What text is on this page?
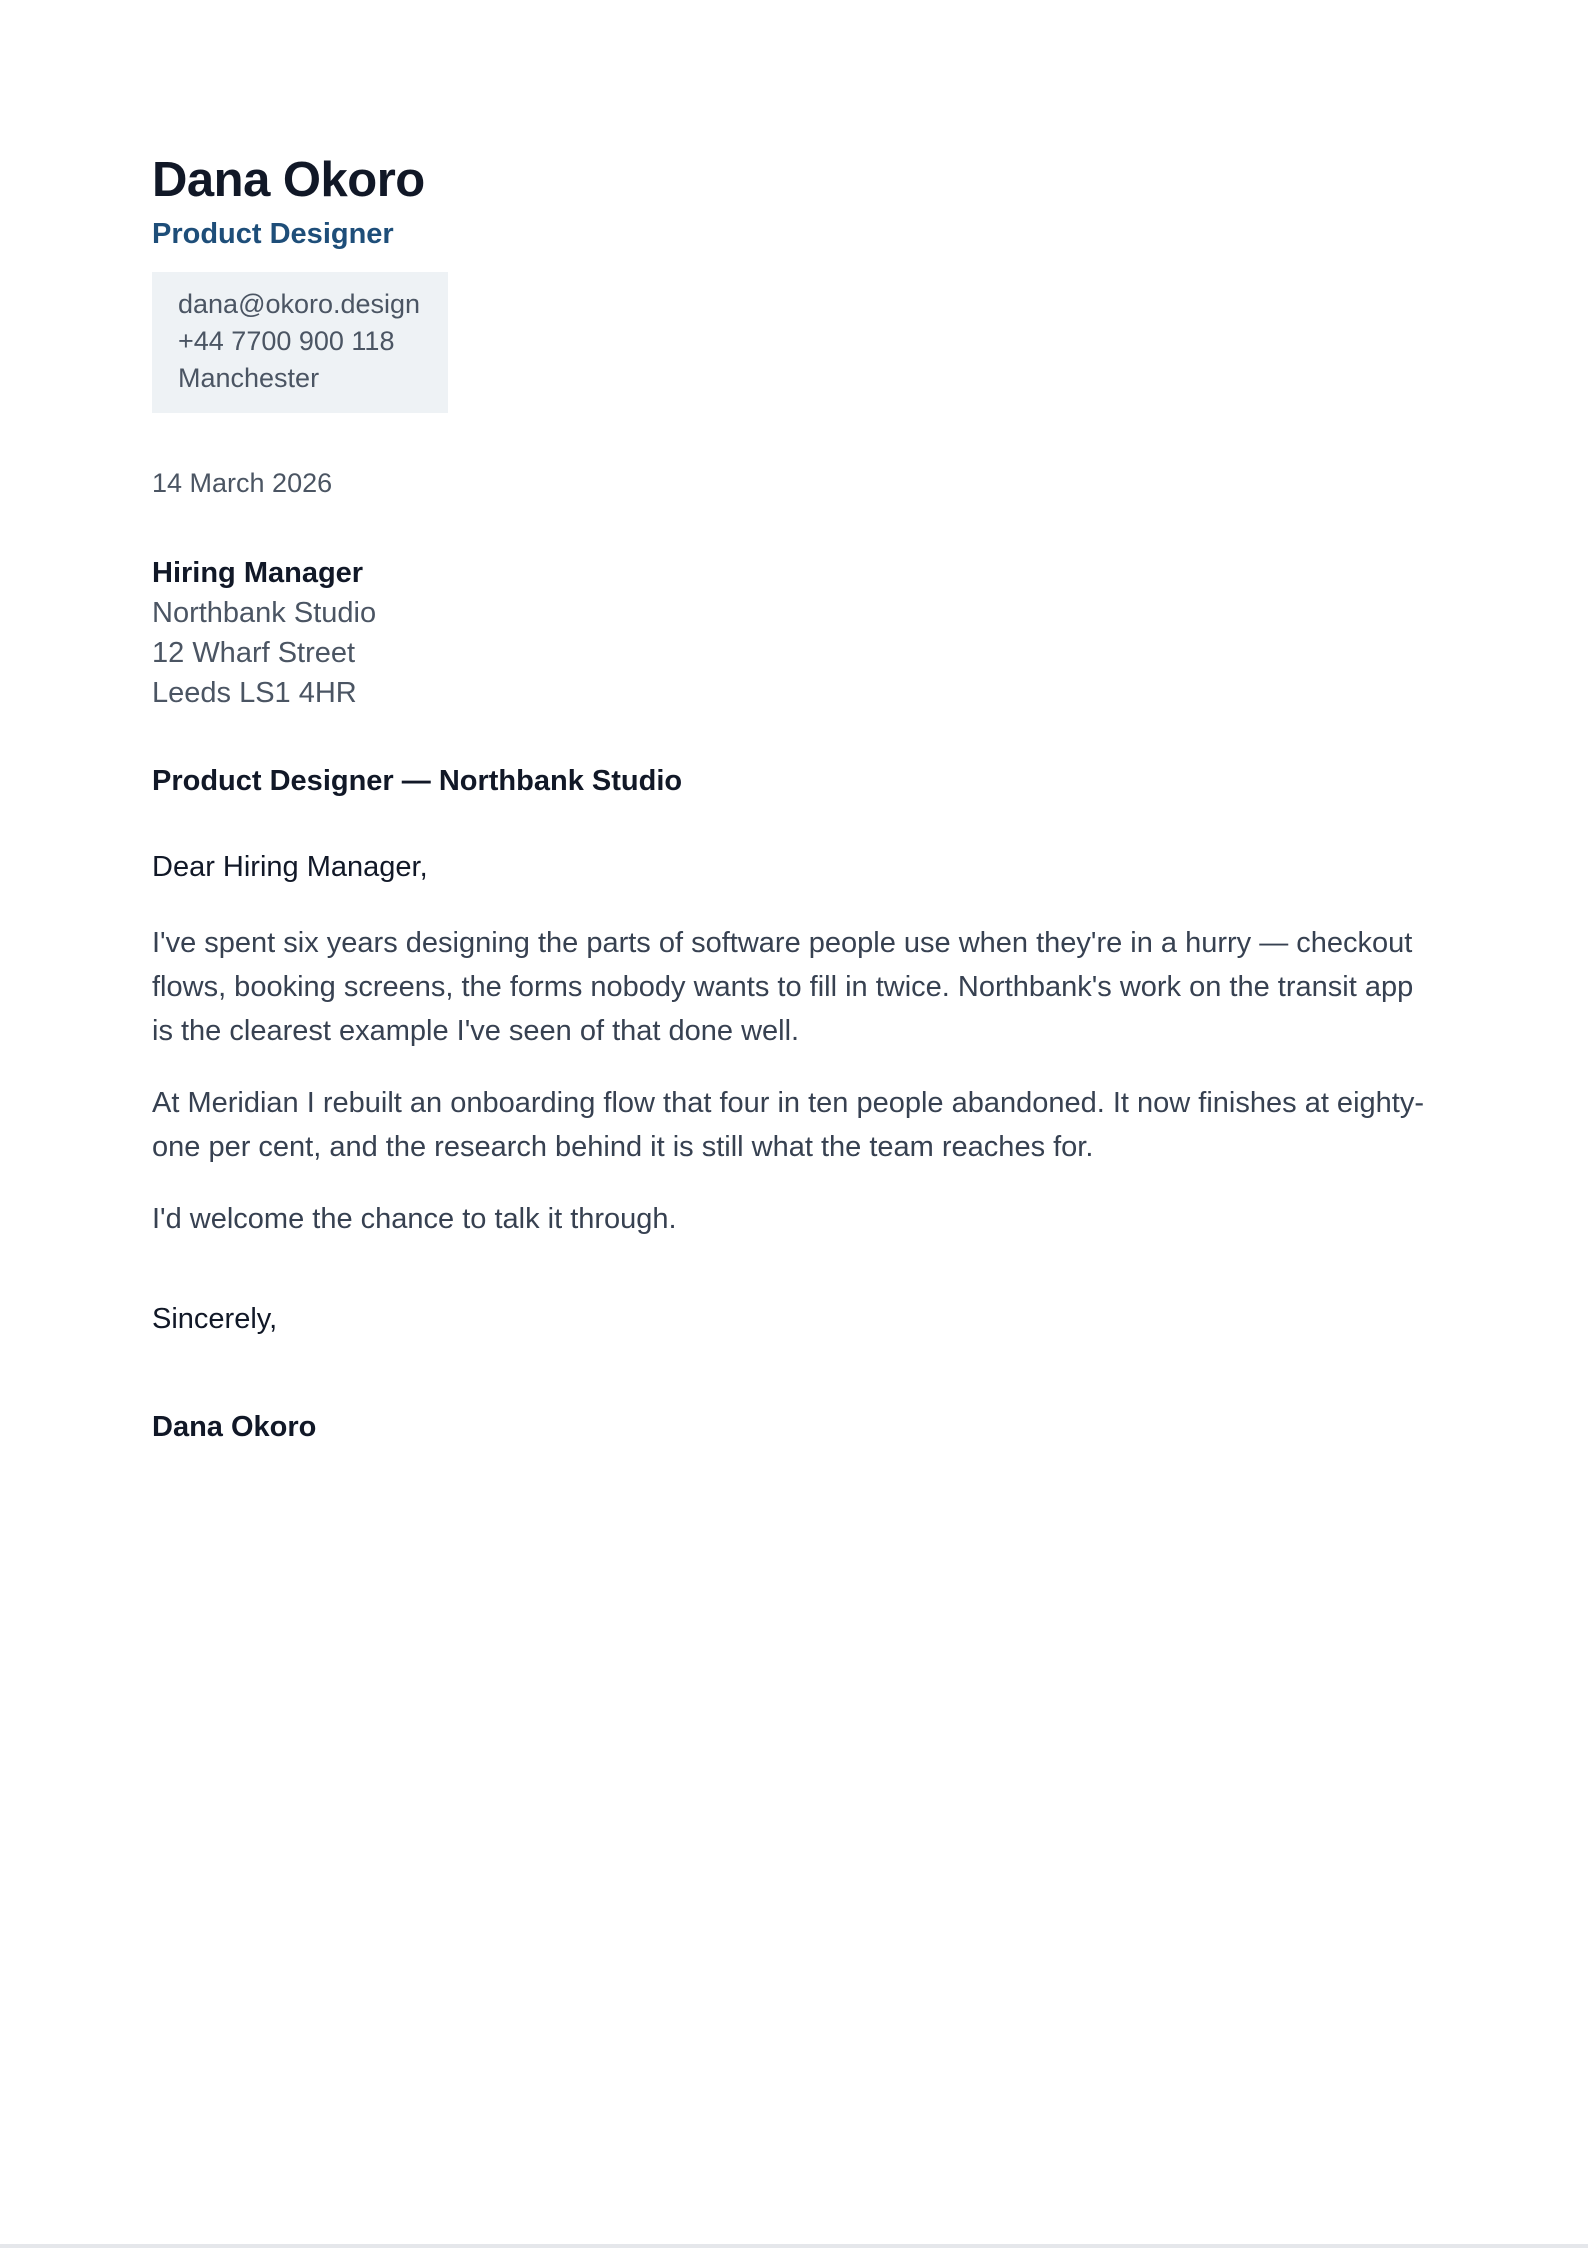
Dana Okoro
Product Designer
dana@okoro.design
+44 7700 900 118
Manchester
14 March 2026
Hiring Manager
Northbank Studio
12 Wharf Street
Leeds LS1 4HR
Product Designer — Northbank Studio
Dear Hiring Manager,
I've spent six years designing the parts of software people use when they're in a hurry — checkout flows, booking screens, the forms nobody wants to fill in twice. Northbank's work on the transit app is the clearest example I've seen of that done well.
At Meridian I rebuilt an onboarding flow that four in ten people abandoned. It now finishes at eighty-one per cent, and the research behind it is still what the team reaches for.
I'd welcome the chance to talk it through.
Sincerely,
Dana Okoro
